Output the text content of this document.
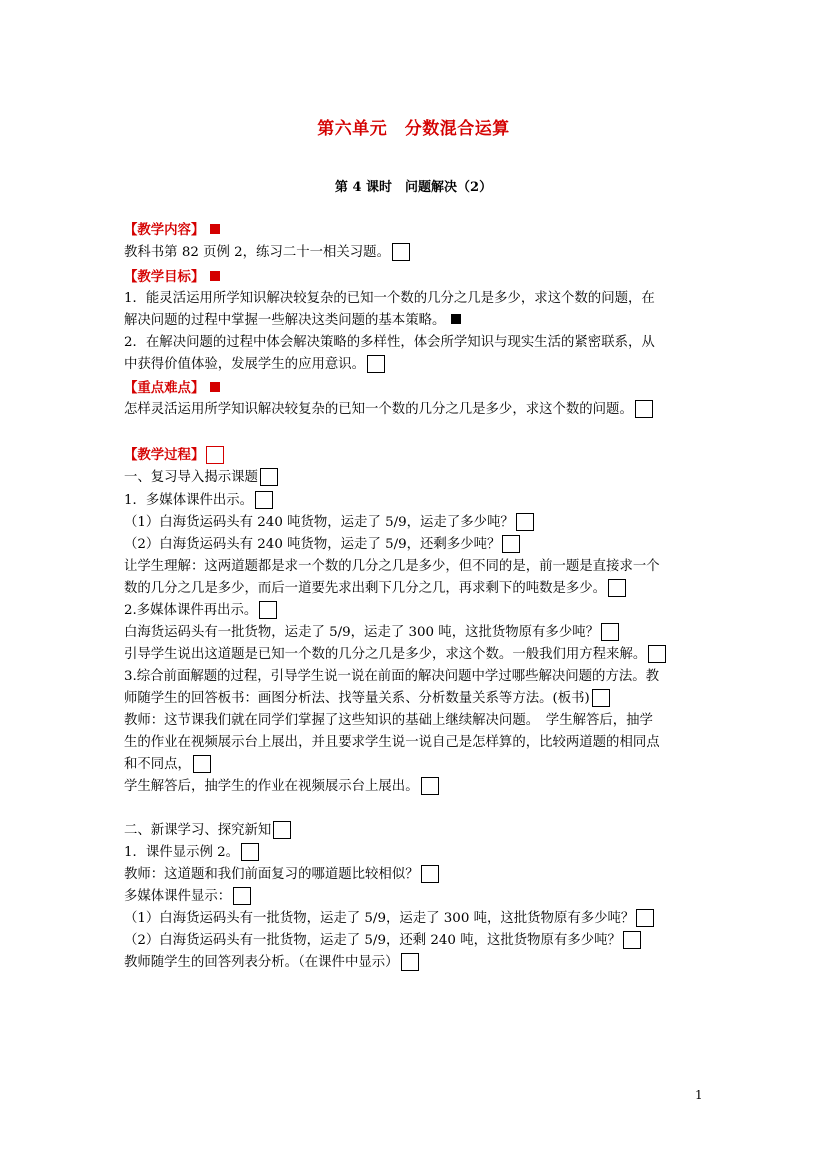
第六单元　分数混合运算
第 4 课时　问题解决（2）
【教学内容】
教科书第 82 页例 2，练习二十一相关习题。
【教学目标】
1．能灵活运用所学知识解决较复杂的已知一个数的几分之几是多少，求这个数的问题，在
解决问题的过程中掌握一些解决这类问题的基本策略。
2．在解决问题的过程中体会解决策略的多样性，体会所学知识与现实生活的紧密联系，从
中获得价值体验，发展学生的应用意识。
【重点难点】
怎样灵活运用所学知识解决较复杂的已知一个数的几分之几是多少，求这个数的问题。
【教学过程】
一、复习导入揭示课题
1．多媒体课件出示。
（1）白海货运码头有 240 吨货物，运走了 5/9，运走了多少吨？
（2）白海货运码头有 240 吨货物，运走了 5/9，还剩多少吨？
让学生理解：这两道题都是求一个数的几分之几是多少，但不同的是，前一题是直接求一个
数的几分之几是多少，而后一道要先求出剩下几分之几，再求剩下的吨数是多少。
2.多媒体课件再出示。
白海货运码头有一批货物，运走了 5/9，运走了 300 吨，这批货物原有多少吨？
引导学生说出这道题是已知一个数的几分之几是多少，求这个数。一般我们用方程来解。
3.综合前面解题的过程，引导学生说一说在前面的解决问题中学过哪些解决问题的方法。教
师随学生的回答板书：画图分析法、找等量关系、分析数量关系等方法。(板书)
教师：这节课我们就在同学们掌握了这些知识的基础上继续解决问题。　学生解答后，抽学
生的作业在视频展示台上展出，并且要求学生说一说自己是怎样算的，比较两道题的相同点
和不同点，
学生解答后，抽学生的作业在视频展示台上展出。
二、新课学习、探究新知
1．课件显示例 2。
教师：这道题和我们前面复习的哪道题比较相似？
多媒体课件显示：
（1）白海货运码头有一批货物，运走了 5/9，运走了 300 吨，这批货物原有多少吨？
（2）白海货运码头有一批货物，运走了 5/9，还剩 240 吨，这批货物原有多少吨？
教师随学生的回答列表分析。（在课件中显示）
1
